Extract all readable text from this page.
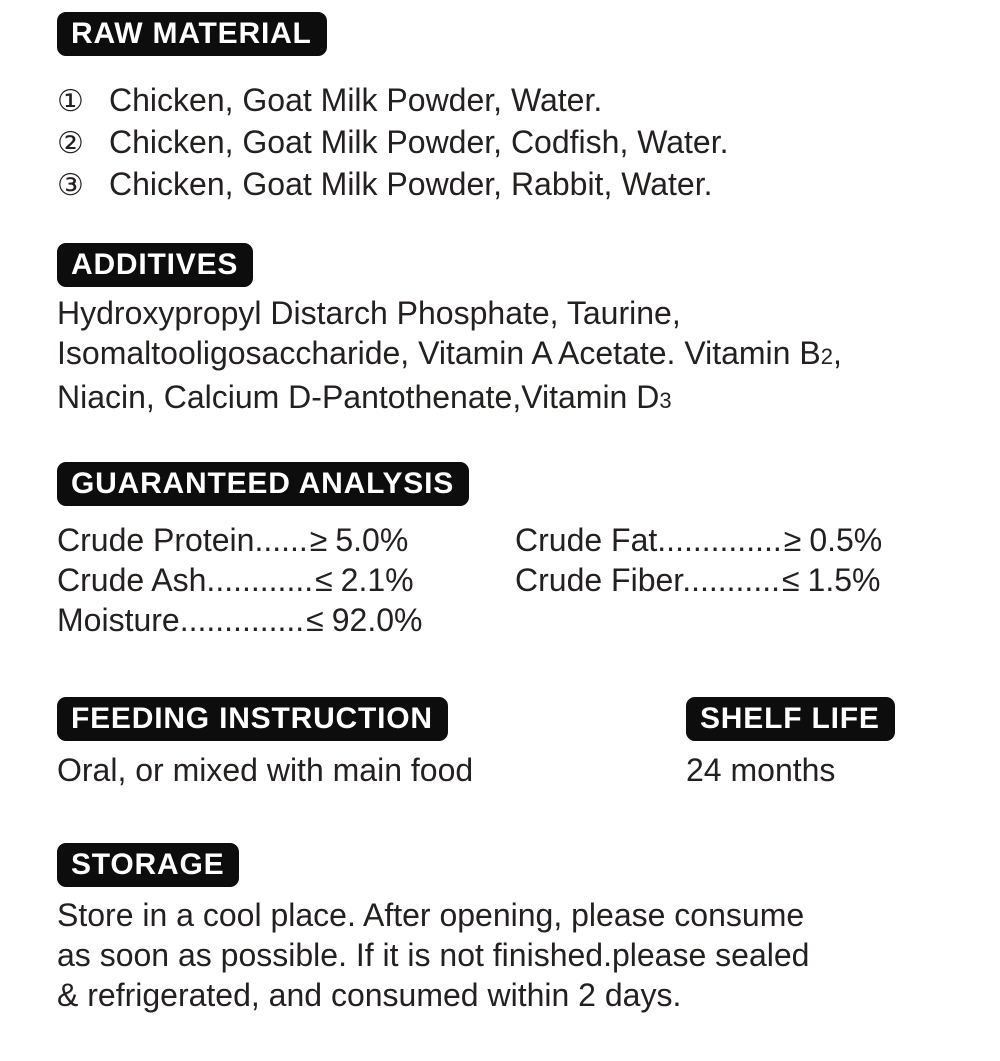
RAW MATERIAL
① Chicken, Goat Milk Powder, Water.
② Chicken, Goat Milk Powder, Codfish, Water.
③ Chicken, Goat Milk Powder, Rabbit, Water.
ADDITIVES
Hydroxypropyl Distarch Phosphate, Taurine,
Isomaltooligosaccharide, Vitamin A Acetate. Vitamin B2,
Niacin, Calcium D-Pantothenate,Vitamin D3
GUARANTEED ANALYSIS
Crude Protein......≥ 5.0%
Crude Ash............≤ 2.1%
Moisture..............≤ 92.0%
Crude Fat..............≥ 0.5%
Crude Fiber...........≤ 1.5%
FEEDING INSTRUCTION
Oral, or mixed with main food
SHELF LIFE
24 months
STORAGE
Store in a cool place. After opening, please consume
as soon as possible. If it is not finished.please sealed
& refrigerated, and consumed within 2 days.
